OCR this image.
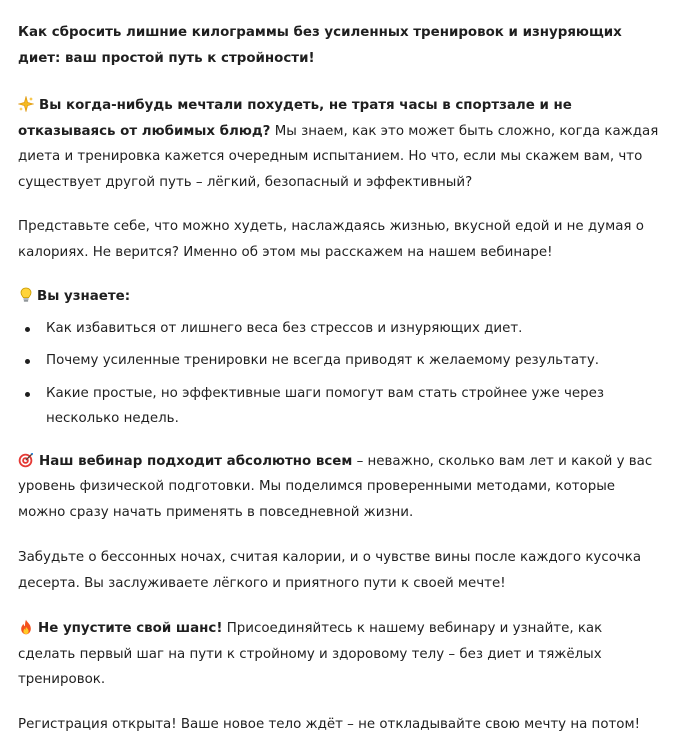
Как сбросить лишние килограммы без усиленных тренировок и изнуряющих диет: ваш простой путь к стройности!

Вы когда-нибудь мечтали похудеть, не тратя часы в спортзале и не отказываясь от любимых блюд? Мы знаем, как это может быть сложно, когда каждая диета и тренировка кажется очередным испытанием. Но что, если мы скажем вам, что существует другой путь – лёгкий, безопасный и эффективный?

Представьте себе, что можно худеть, наслаждаясь жизнью, вкусной едой и не думая о калориях. Не верится? Именно об этом мы расскажем на нашем вебинаре!

Вы узнаете:

Как избавиться от лишнего веса без стрессов и изнуряющих диет.
Почему усиленные тренировки не всегда приводят к желаемому результату.
Какие простые, но эффективные шаги помогут вам стать стройнее уже через несколько недель.

Наш вебинар подходит абсолютно всем – неважно, сколько вам лет и какой у вас уровень физической подготовки. Мы поделимся проверенными методами, которые можно сразу начать применять в повседневной жизни.

Забудьте о бессонных ночах, считая калории, и о чувстве вины после каждого кусочка десерта. Вы заслуживаете лёгкого и приятного пути к своей мечте!

Не упустите свой шанс! Присоединяйтесь к нашему вебинару и узнайте, как сделать первый шаг на пути к стройному и здоровому телу – без диет и тяжёлых тренировок.

Регистрация открыта! Ваше новое тело ждёт – не откладывайте свою мечту на потом!
